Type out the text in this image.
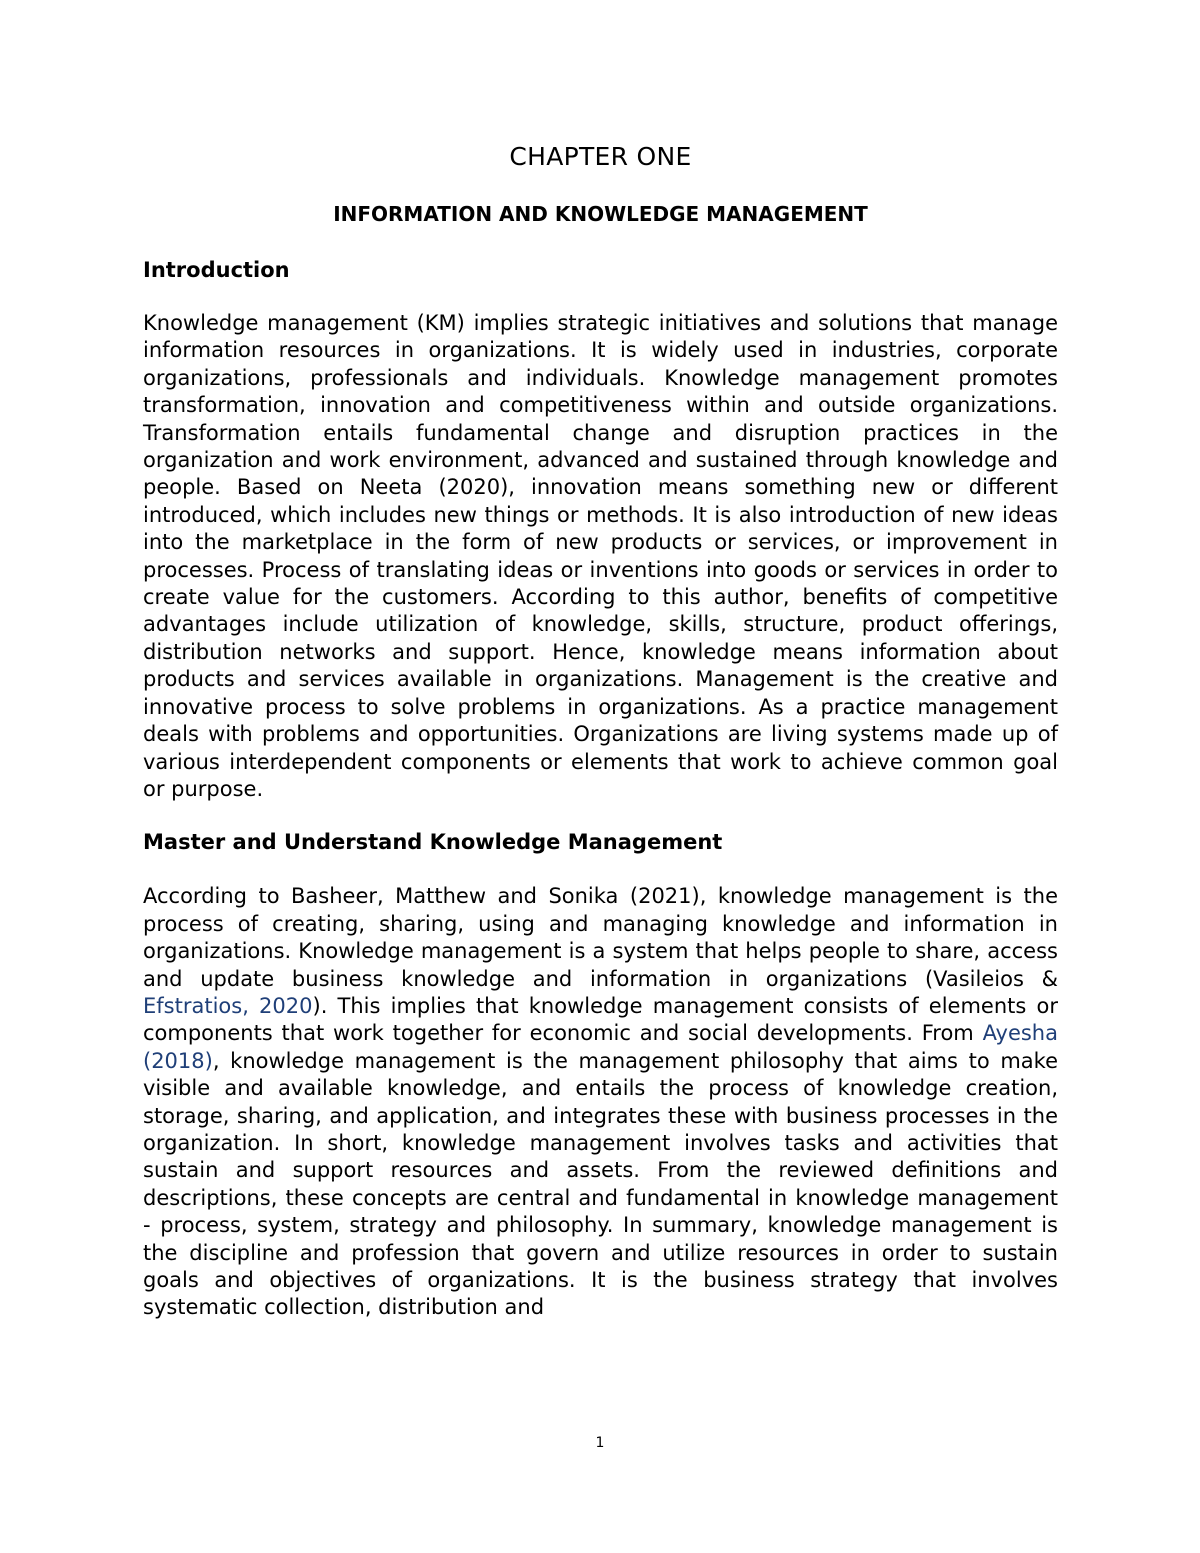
CHAPTER ONE
INFORMATION AND KNOWLEDGE MANAGEMENT
Introduction

Knowledge management (KM) implies strategic initiatives and solutions that manage information resources in organizations. It is widely used in industries, corporate organizations, professionals and individuals. Knowledge management promotes transformation, innovation and competitiveness within and outside organizations. Transformation entails fundamental change and disruption practices in the organization and work environment, advanced and sustained through knowledge and people. Based on Neeta (2020), innovation means something new or different introduced, which includes new things or methods. It is also introduction of new ideas into the marketplace in the form of new products or services, or improvement in processes. Process of translating ideas or inventions into goods or services in order to create value for the customers. According to this author, benefits of competitive advantages include utilization of knowledge, skills, structure, product offerings, distribution networks and support. Hence, knowledge means information about products and services available in organizations. Management is the creative and innovative process to solve problems in organizations. As a practice management deals with problems and opportunities. Organizations are living systems made up of various interdependent components or elements that work to achieve common goal or purpose.

Master and Understand Knowledge Management

According to Basheer, Matthew and Sonika (2021), knowledge management is the process of creating, sharing, using and managing knowledge and information in organizations. Knowledge management is a system that helps people to share, access and update business knowledge and information in organizations (Vasileios & Efstratios, 2020). This implies that knowledge management consists of elements or components that work together for economic and social developments. From Ayesha (2018), knowledge management is the management philosophy that aims to make visible and available knowledge, and entails the process of knowledge creation, storage, sharing, and application, and integrates these with business processes in the organization. In short, knowledge management involves tasks and activities that sustain and support resources and assets. From the reviewed definitions and descriptions, these concepts are central and fundamental in knowledge management - process, system, strategy and philosophy. In summary, knowledge management is the discipline and profession that govern and utilize resources in order to sustain goals and objectives of organizations. It is the business strategy that involves systematic collection, distribution and

1
